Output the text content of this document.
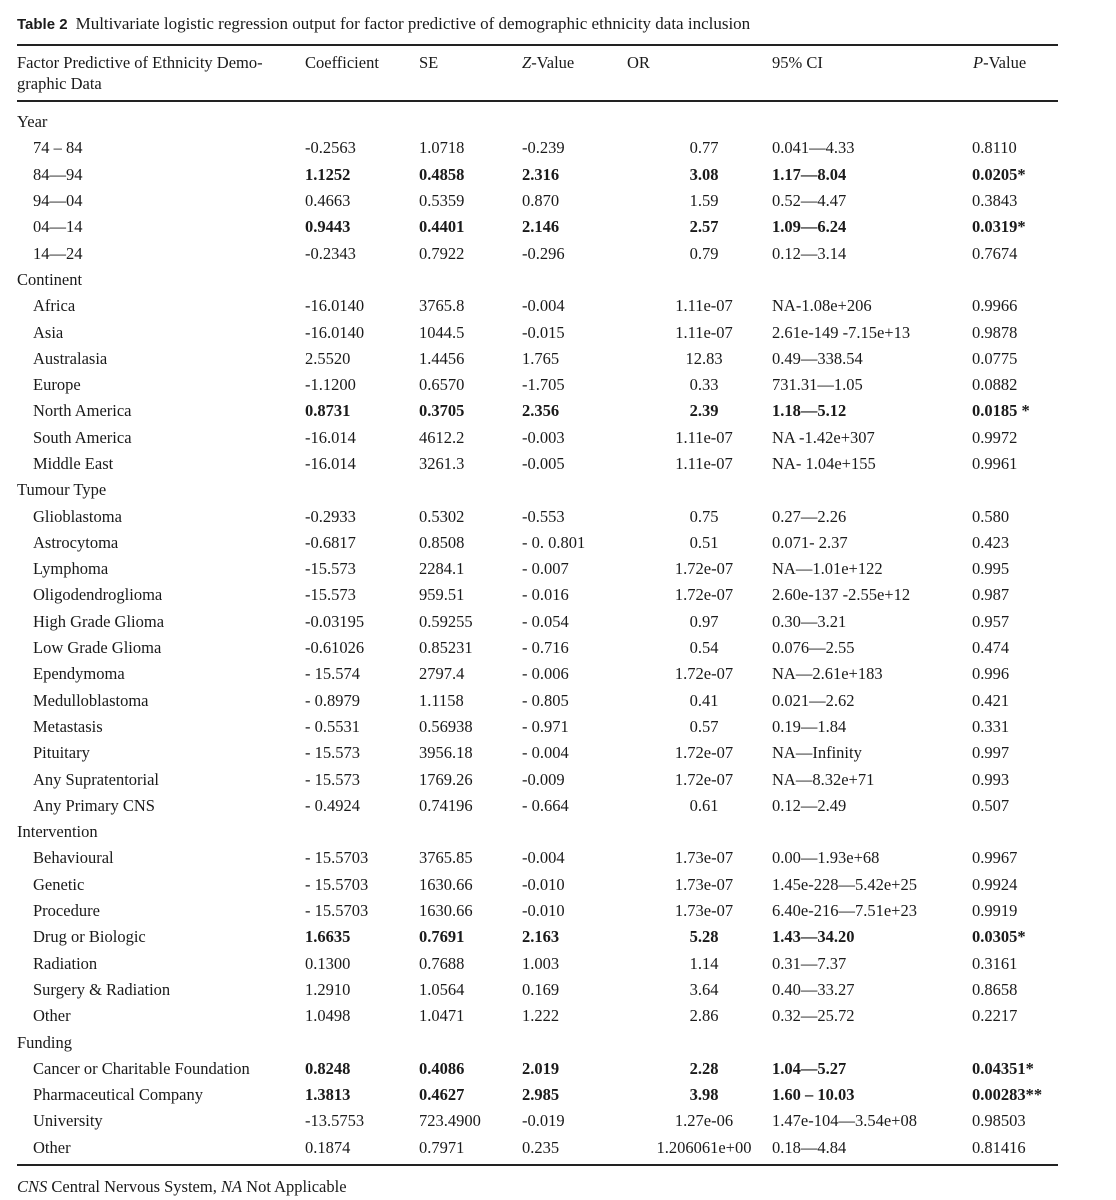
Table 2 Multivariate logistic regression output for factor predictive of demographic ethnicity data inclusion
Factor Predictive of Ethnicity Demo-
graphic Data
Coefficient SE	Z-Value	OR	95% CI	P-Value
Year						
74 – 84	-0.2563	1.0718	-0.239	0.77	0.041—4.33	0.8110
84—94	1.1252	0.4858	2.316	3.08	1.17—8.04	0.0205*
94—04	0.4663	0.5359	0.870	1.59	0.52—4.47	0.3843
04—14	0.9443	0.4401	2.146	2.57	1.09—6.24	0.0319*
14—24	-0.2343	0.7922	-0.296	0.79	0.12—3.14	0.7674
Continent						
Africa	-16.0140	3765.8	-0.004	1.11e-07	NA-1.08e+206	0.9966
Asia	-16.0140	1044.5	-0.015	1.11e-07	2.61e-149 -7.15e+13	0.9878
Australasia	2.5520	1.4456	1.765	12.83	0.49—338.54	0.0775
Europe	-1.1200	0.6570	-1.705	0.33	731.31—1.05	0.0882
North America	0.8731	0.3705	2.356	2.39	1.18—5.12	0.0185 *
South America	-16.014	4612.2	-0.003	1.11e-07	NA -1.42e+307	0.9972
Middle East	-16.014	3261.3	-0.005	1.11e-07	NA- 1.04e+155	0.9961
Tumour Type						
Glioblastoma	-0.2933	0.5302	-0.553	0.75	0.27—2.26	0.580
Astrocytoma	-0.6817	0.8508	- 0. 0.801	0.51	0.071- 2.37	0.423
Lymphoma	-15.573	2284.1	- 0.007	1.72e-07	NA—1.01e+122	0.995
Oligodendroglioma	-15.573	959.51	- 0.016	1.72e-07	2.60e-137 -2.55e+12	0.987
High Grade Glioma	-0.03195	0.59255	- 0.054	0.97	0.30—3.21	0.957
Low Grade Glioma	-0.61026	0.85231	- 0.716	0.54	0.076—2.55	0.474
Ependymoma	- 15.574	2797.4	- 0.006	1.72e-07	NA—2.61e+183	0.996
Medulloblastoma	- 0.8979	1.1158	- 0.805	0.41	0.021—2.62	0.421
Metastasis	- 0.5531	0.56938	- 0.971	0.57	0.19—1.84	0.331
Pituitary	- 15.573	3956.18	- 0.004	1.72e-07	NA—Infinity	0.997
Any Supratentorial	- 15.573	1769.26	-0.009	1.72e-07	NA—8.32e+71	0.993
Any Primary CNS	- 0.4924	0.74196	- 0.664	0.61	0.12—2.49	0.507
Intervention						
Behavioural	- 15.5703	3765.85	-0.004	1.73e-07	0.00—1.93e+68	0.9967
Genetic	- 15.5703	1630.66	-0.010	1.73e-07	1.45e-228—5.42e+25	0.9924
Procedure	- 15.5703	1630.66	-0.010	1.73e-07	6.40e-216—7.51e+23	0.9919
Drug or Biologic	1.6635	0.7691	2.163	5.28	1.43—34.20	0.0305*
Radiation	0.1300	0.7688	1.003	1.14	0.31—7.37	0.3161
Surgery & Radiation	1.2910	1.0564	0.169	3.64	0.40—33.27	0.8658
Other	1.0498	1.0471	1.222	2.86	0.32—25.72	0.2217
Funding						
Cancer or Charitable Foundation	0.8248	0.4086	2.019	2.28	1.04—5.27	0.04351*
Pharmaceutical Company	1.3813	0.4627	2.985	3.98	1.60 – 10.03	0.00283**
University	-13.5753	723.4900	-0.019	1.27e-06	1.47e-104—3.54e+08	0.98503
Other	0.1874	0.7971	0.235	1.206061e+00	0.18—4.84	0.81416
CNS Central Nervous System, NA Not Applicable
